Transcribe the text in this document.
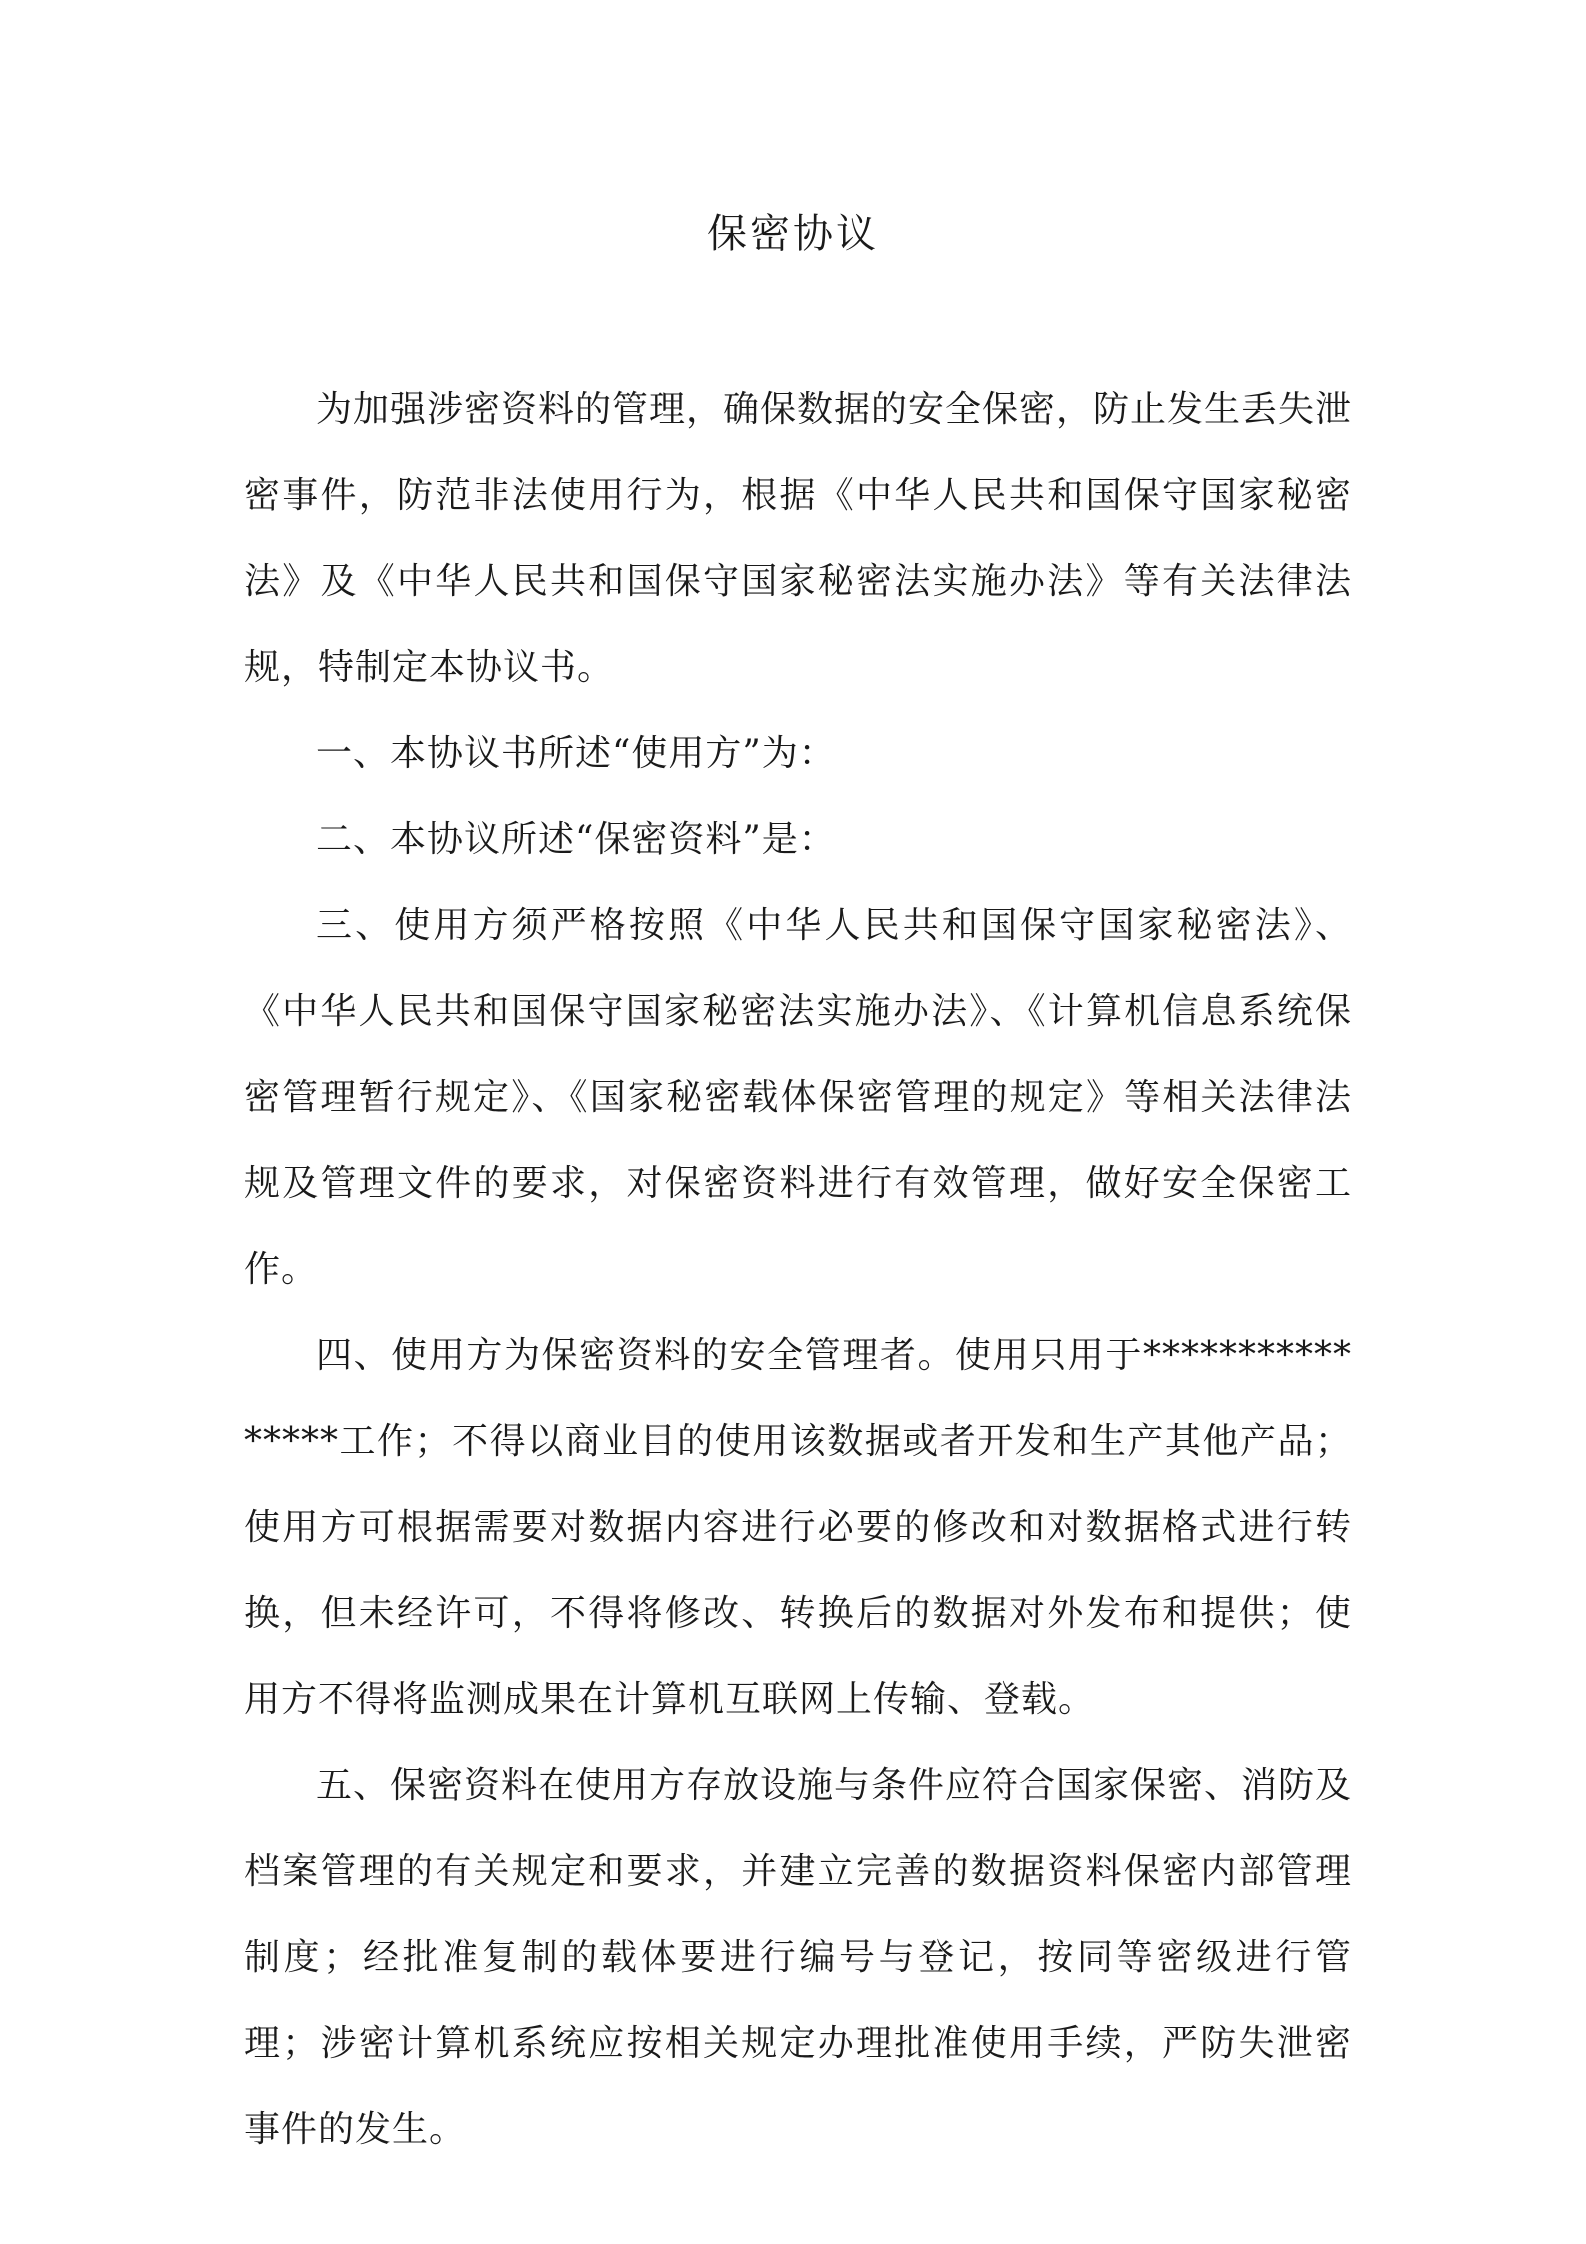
保密协议

为加强涉密资料的管理，确保数据的安全保密，防止发生丢失泄密事件，防范非法使用行为，根据《中华人民共和国保守国家秘密法》及《中华人民共和国保守国家秘密法实施办法》等有关法律法规，特制定本协议书。

一、本协议书所述“使用方”为：

二、本协议所述“保密资料”是：

三、使用方须严格按照《中华人民共和国保守国家秘密法》、《中华人民共和国保守国家秘密法实施办法》、《计算机信息系统保密管理暂行规定》、《国家秘密载体保密管理的规定》等相关法律法规及管理文件的要求，对保密资料进行有效管理，做好安全保密工作。

四、使用方为保密资料的安全管理者。使用只用于****************工作；不得以商业目的使用该数据或者开发和生产其他产品；使用方可根据需要对数据内容进行必要的修改和对数据格式进行转换，但未经许可，不得将修改、转换后的数据对外发布和提供；使用方不得将监测成果在计算机互联网上传输、登载。

五、保密资料在使用方存放设施与条件应符合国家保密、消防及档案管理的有关规定和要求，并建立完善的数据资料保密内部管理制度；经批准复制的载体要进行编号与登记，按同等密级进行管理；涉密计算机系统应按相关规定办理批准使用手续，严防失泄密事件的发生。
